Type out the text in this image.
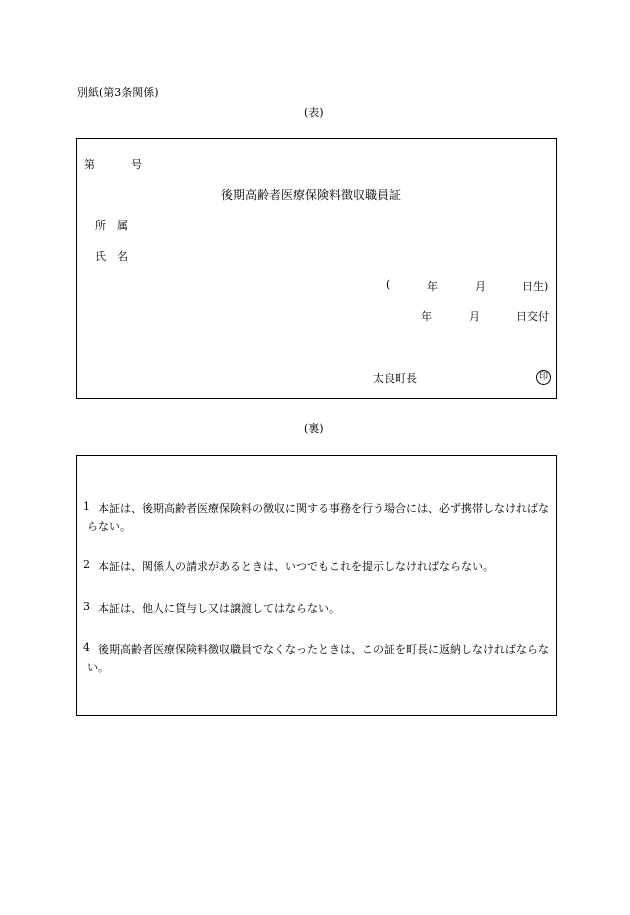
別紙(第3条関係)
(表)
第	号
後期高齢者医療保険料徴収職員証
所　属
氏　名
(	年	月	日生)
年	月	日交付
太良町長	印
(裏)
1 本証は、後期高齢者医療保険料の徴収に関する事務を行う場合には、必ず携帯しなければならない。
2 本証は、関係人の請求があるときは、いつでもこれを提示しなければならない。
3 本証は、他人に貸与し又は譲渡してはならない。
4 後期高齢者医療保険料徴収職員でなくなったときは、この証を町長に返納しなければならない。
